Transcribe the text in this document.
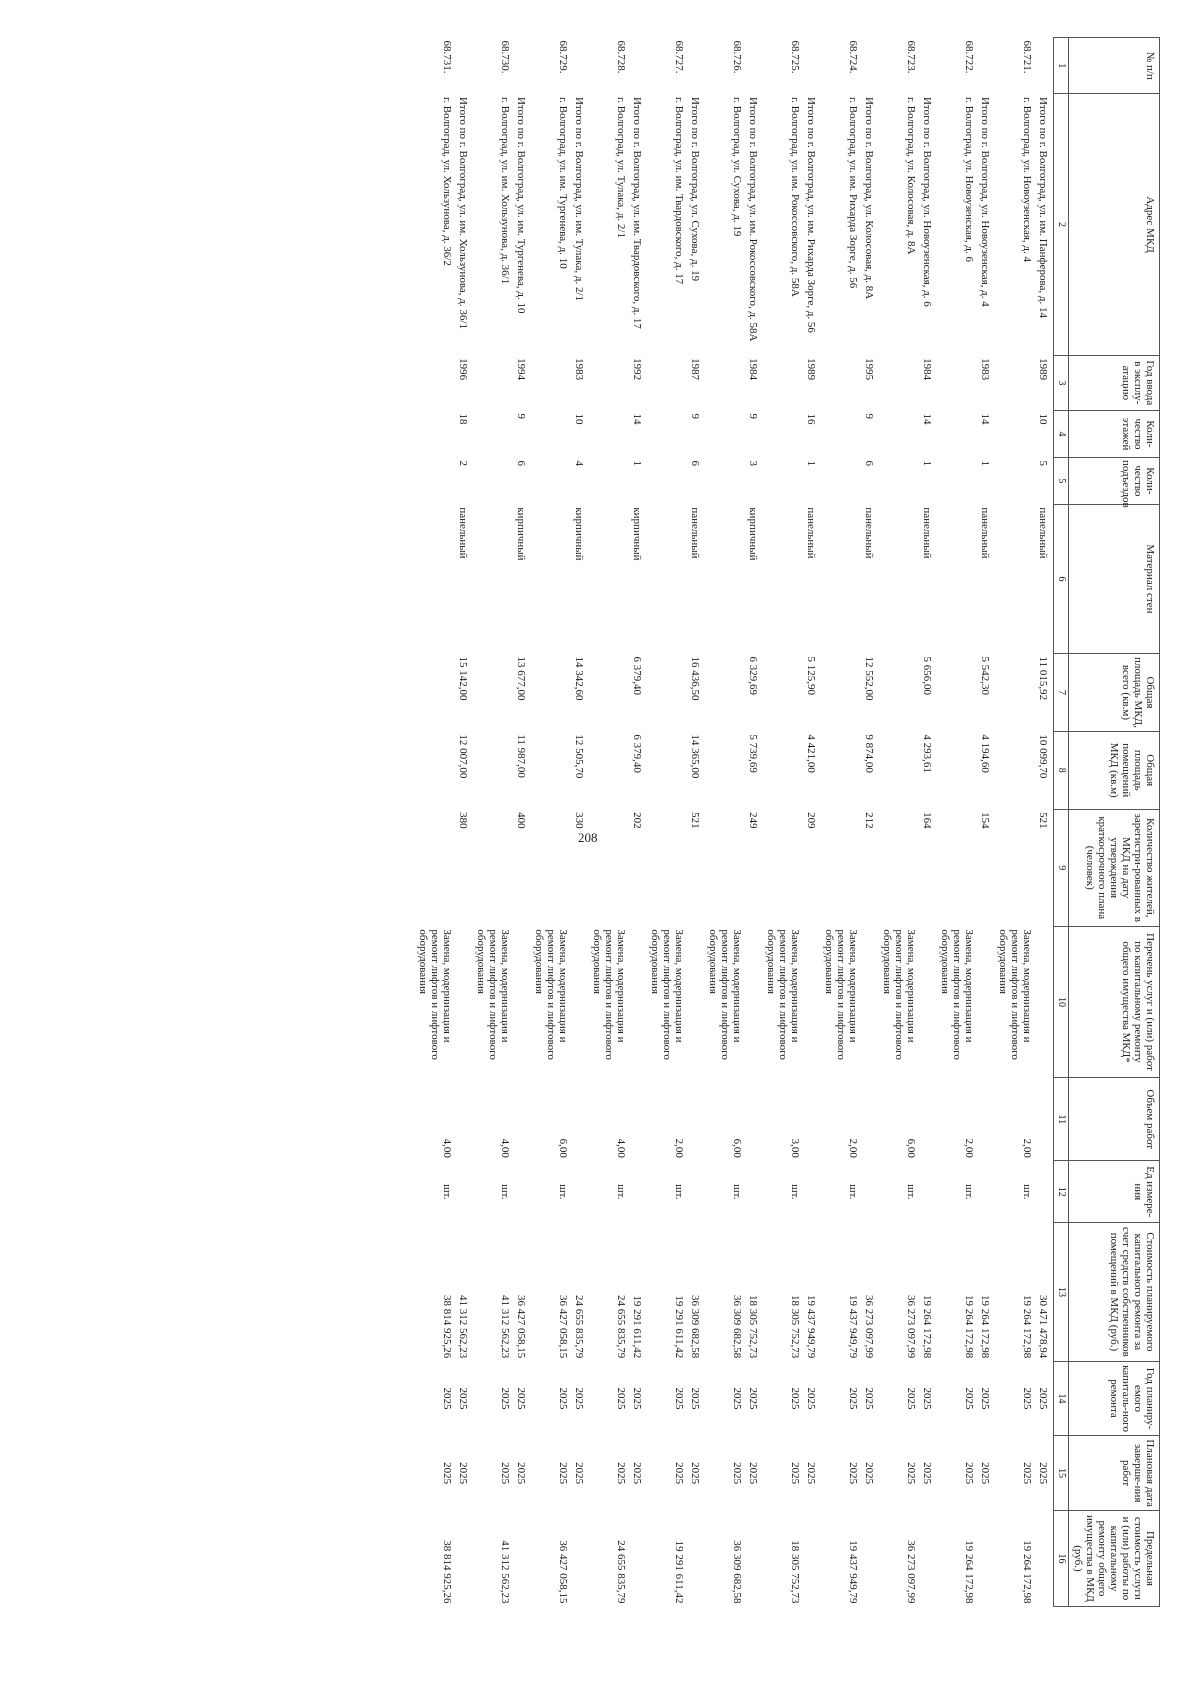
208
№ п/п	Адрес МКД	Год ввода в эксплу-атацию	Коли-чество этажей	Коли-чество подъездов	Материал стен	Общая площадь МКД, всего (кв.м)	Общая площадь помещений МКД (кв.м)	Количество жителей, зарегистри-рованных в МКД на дату утверждения краткосрочного плана (человек)	Перечень услуг и (или) работ по капитальному ремонту общего имущества МКД*	Объем работ	Ед измере-ния	Стоимость планируемого капитального ремонта за счет средств собственников помещений в МКД (руб.)	Год планиру-емого капиталь-ного ремонта	Плановая дата заверше-ния работ	Предельная стоимость услуги и (или) работы по капитальному ремонту общего имущества в МКД (руб.)
1	2	3	4	5	6	7	8	9	10	11	12	13	14	15	16
	Итого по г. Волгоград, ул. им. Панферова, д. 14	1989	10	5	панельный	11 015,92	10 099,70	521				30 471 478,94	2025	2025	
68.721.	г. Волгоград, ул. Новоузенская, д. 4								Замена, модернизация и ремонт лифтов и лифтового оборудования	2,00	шт.	19 264 172,98	2025	2025	19 264 172,98
	Итого по г. Волгоград, ул. Новоузенская, д. 4	1983	14	1	панельный	5 542,30	4 194,60	154				19 264 172,98	2025	2025	
68.722.	г. Волгоград, ул. Новоузенская, д. 6								Замена, модернизация и ремонт лифтов и лифтового оборудования	2,00	шт.	19 264 172,98	2025	2025	19 264 172,98
	Итого по г. Волгоград, ул. Новоузенская, д. 6	1984	14	1	панельный	5 656,00	4 293,61	164				19 264 172,98	2025	2025	
68.723.	г. Волгоград, ул. Колосовая, д. 8А								Замена, модернизация и ремонт лифтов и лифтового оборудования	6,00	шт.	36 273 097,99	2025	2025	36 273 097,99
	Итого по г. Волгоград, ул. Колосовая, д. 8А	1995	9	6	панельный	12 552,00	9 874,00	212				36 273 097,99	2025	2025	
68.724.	г. Волгоград, ул. им. Рихарда Зорге, д. 56								Замена, модернизация и ремонт лифтов и лифтового оборудования	2,00	шт.	19 437 949,79	2025	2025	19 437 949,79
	Итого по г. Волгоград, ул. им. Рихарда Зорге, д. 56	1989	16	1	панельный	5 125,90	4 421,00	209				19 437 949,79	2025	2025	
68.725.	г. Волгоград, ул. им. Рокоссовского, д. 58А								Замена, модернизация и ремонт лифтов и лифтового оборудования	3,00	шт.	18 305 752,73	2025	2025	18 305 752,73
	Итого по г. Волгоград, ул. им. Рокоссовского, д. 58А	1984	9	3	кирпичный	6 329,69	5 739,69	249				18 305 752,73	2025	2025	
68.726.	г. Волгоград, ул. Сухова, д. 19								Замена, модернизация и ремонт лифтов и лифтового оборудования	6,00	шт.	36 309 682,58	2025	2025	36 309 682,58
	Итого по г. Волгоград, ул. Сухова, д. 19	1987	9	6	панельный	16 436,50	14 365,00	521				36 309 682,58	2025	2025	
68.727.	г. Волгоград, ул. им. Твардовского, д. 17								Замена, модернизация и ремонт лифтов и лифтового оборудования	2,00	шт.	19 291 611,42	2025	2025	19 291 611,42
	Итого по г. Волгоград, ул. им. Твардовского, д. 17	1992	14	1	кирпичный	6 379,40	6 379,40	202				19 291 611,42	2025	2025	
68.728.	г. Волгоград, ул. Тулака, д. 2/1								Замена, модернизация и ремонт лифтов и лифтового оборудования	4,00	шт.	24 655 835,79	2025	2025	24 655 835,79
	Итого по г. Волгоград, ул. им. Тулака, д. 2/1	1983	10	4	кирпичный	14 342,60	12 505,70	330				24 655 835,79	2025	2025	
68.729.	г. Волгоград, ул. им. Тургенева, д. 10								Замена, модернизация и ремонт лифтов и лифтового оборудования	6,00	шт.	36 427 058,15	2025	2025	36 427 058,15
	Итого по г. Волгоград, ул. им. Тургенева, д. 10	1994	9	6	кирпичный	13 677,00	11 987,00	400				36 427 058,15	2025	2025	
68.730.	г. Волгоград, ул. им. Хользунова, д. 36/1								Замена, модернизация и ремонт лифтов и лифтового оборудования	4,00	шт.	41 312 562,23	2025	2025	41 312 562,23
	Итого по г. Волгоград, ул. им. Хользунова, д. 36/1	1996	18	2	панельный	15 142,00	12 007,00	380				41 312 562,23	2025	2025	
68.731.	г. Волгоград, ул. Хользунова, д. 36/2								Замена, модернизация и ремонт лифтов и лифтового оборудования	4,00	шт.	38 814 925,26	2025	2025	38 814 925,26
